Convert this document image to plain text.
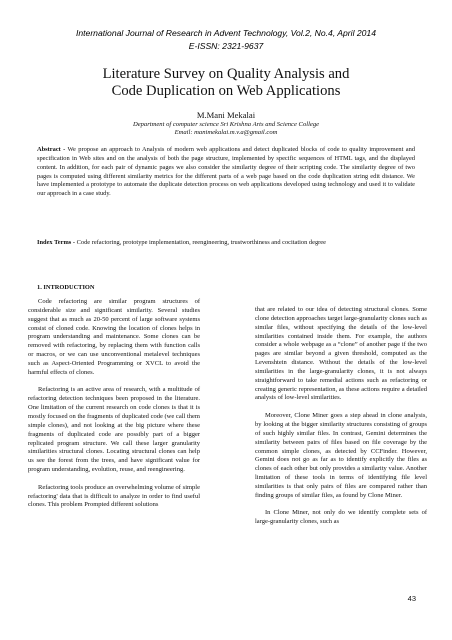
International Journal of Research in Advent Technology, Vol.2, No.4, April 2014
E-ISSN: 2321-9637
Literature Survey on Quality Analysis and
Code Duplication on Web Applications
M.Mani Mekalai
Department of computer science Sri Krishna Arts and Science College
Email: manimekalai.m.v.a@gmail.com
Abstract - We propose an approach to Analysis of modern web applications and detect duplicated blocks of code to quality improvement and specification in Web sites and on the analysis of both the page structure, implemented by specific sequences of HTML tags, and the displayed content. In addition, for each pair of dynamic pages we also consider the similarity degree of their scripting code. The similarity degree of two pages is computed using different similarity metrics for the different parts of a web page based on the code duplication string edit distance. We have implemented a prototype to automate the duplicate detection process on web applications developed using technology and used it to validate our approach in a case study.
Index Terms - Code refactoring, prototype implementation, reengineering, trustworthiness and cocitation degree
1. INTRODUCTION

Code refactoring are similar program structures of considerable size and significant similarity. Several studies suggest that as much as 20-50 percent of large software systems consist of cloned code. Knowing the location of clones helps in program understanding and maintenance. Some clones can be removed with refactoring, by replacing them with function calls or macros, or we can use unconventional metalevel techniques such as Aspect-Oriented Programming or XVCL to avoid the harmful effects of clones.

Refactoring is an active area of research, with a multitude of refactoring detection techniques been proposed in the literature. One limitation of the current research on code clones is that it is mostly focused on the fragments of duplicated code (we call them simple clones), and not looking at the big picture where these fragments of duplicated code are possibly part of a bigger replicated program structure. We call these larger granularity similarities structural clones. Locating structural clones can help us see the forest from the trees, and have significant value for program understanding, evolution, reuse, and reengineering.

Refactoring tools produce an overwhelming volume of simple refactoring' data that is difficult to analyze in order to find useful clones. This problem Prompted different solutions

that are related to our idea of detecting structural clones. Some clone detection approaches target large-granularity clones such as similar files, without specifying the details of the low-level similarities contained inside them. For example, the authors consider a whole webpage as a “clone” of another page if the two pages are similar beyond a given threshold, computed as the Levenshtein distance. Without the details of the low-level similarities in the large-granularity clones, it is not always straightforward to take remedial actions such as refactoring or creating generic representation, as these actions require a detailed analysis of low-level similarities.

Moreover, Clone Miner goes a step ahead in clone analysis, by looking at the bigger similarity structures consisting of groups of such highly similar files. In contrast, Gemini determines the similarity between pairs of files based on file coverage by the common simple clones, as detected by CCFinder. However, Gemini does not go as far as to identify explicitly the files as clones of each other but only provides a similarity value. Another limitation of these tools in terms of identifying file level similarities is that only pairs of files are compared rather than finding groups of similar files, as found by Clone Miner.

In Clone Miner, not only do we identify complete sets of large-granularity clones, such as

43
